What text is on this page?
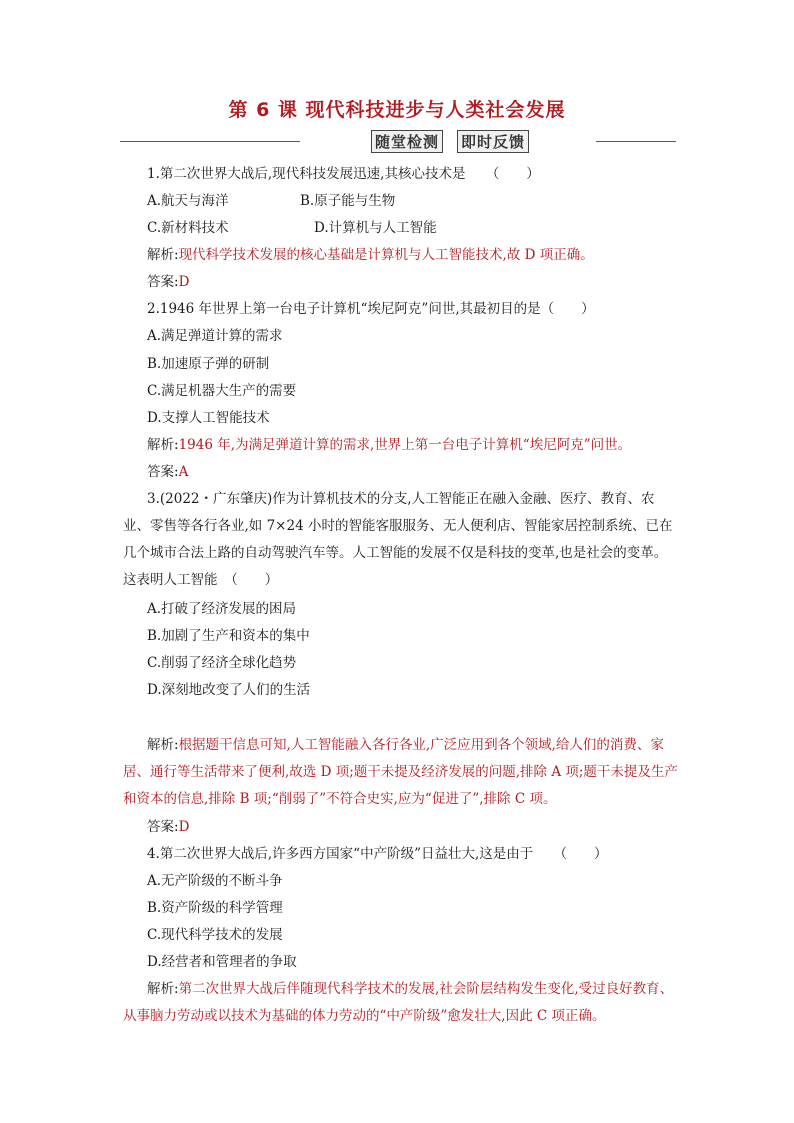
第 6 课 现代科技进步与人类社会发展
随堂检测 即时反馈
1.第二次世界大战后,现代科技发展迅速,其核心技术是　　（　　）
A.航天与海洋	B.原子能与生物
C.新材料技术	D.计算机与人工智能
解析:现代科学技术发展的核心基础是计算机与人工智能技术,故 D 项正确。
答案:D
2.1946 年世界上第一台电子计算机“埃尼阿克”问世,其最初目的是（　　）
A.满足弹道计算的需求
B.加速原子弹的研制
C.满足机器大生产的需要
D.支撑人工智能技术
解析:1946 年,为满足弹道计算的需求,世界上第一台电子计算机“埃尼阿克”问世。
答案:A
3.(2022・广东肇庆)作为计算机技术的分支,人工智能正在融入金融、医疗、教育、农业、零售等各行各业,如 7×24 小时的智能客服服务、无人便利店、智能家居控制系统、已在几个城市合法上路的自动驾驶汽车等。人工智能的发展不仅是科技的变革,也是社会的变革。这表明人工智能　（　　）
A.打破了经济发展的困局
B.加剧了生产和资本的集中
C.削弱了经济全球化趋势
D.深刻地改变了人们的生活
解析:根据题干信息可知,人工智能融入各行各业,广泛应用到各个领域,给人们的消费、家居、通行等生活带来了便利,故选 D 项;题干未提及经济发展的问题,排除 A 项;题干未提及生产和资本的信息,排除 B 项;“削弱了”不符合史实,应为“促进了”,排除 C 项。
答案:D
4.第二次世界大战后,许多西方国家“中产阶级”日益壮大,这是由于　　（　　）
A.无产阶级的不断斗争
B.资产阶级的科学管理
C.现代科学技术的发展
D.经营者和管理者的争取
解析:第二次世界大战后伴随现代科学技术的发展,社会阶层结构发生变化,受过良好教育、从事脑力劳动或以技术为基础的体力劳动的“中产阶级”愈发壮大,因此 C 项正确。
